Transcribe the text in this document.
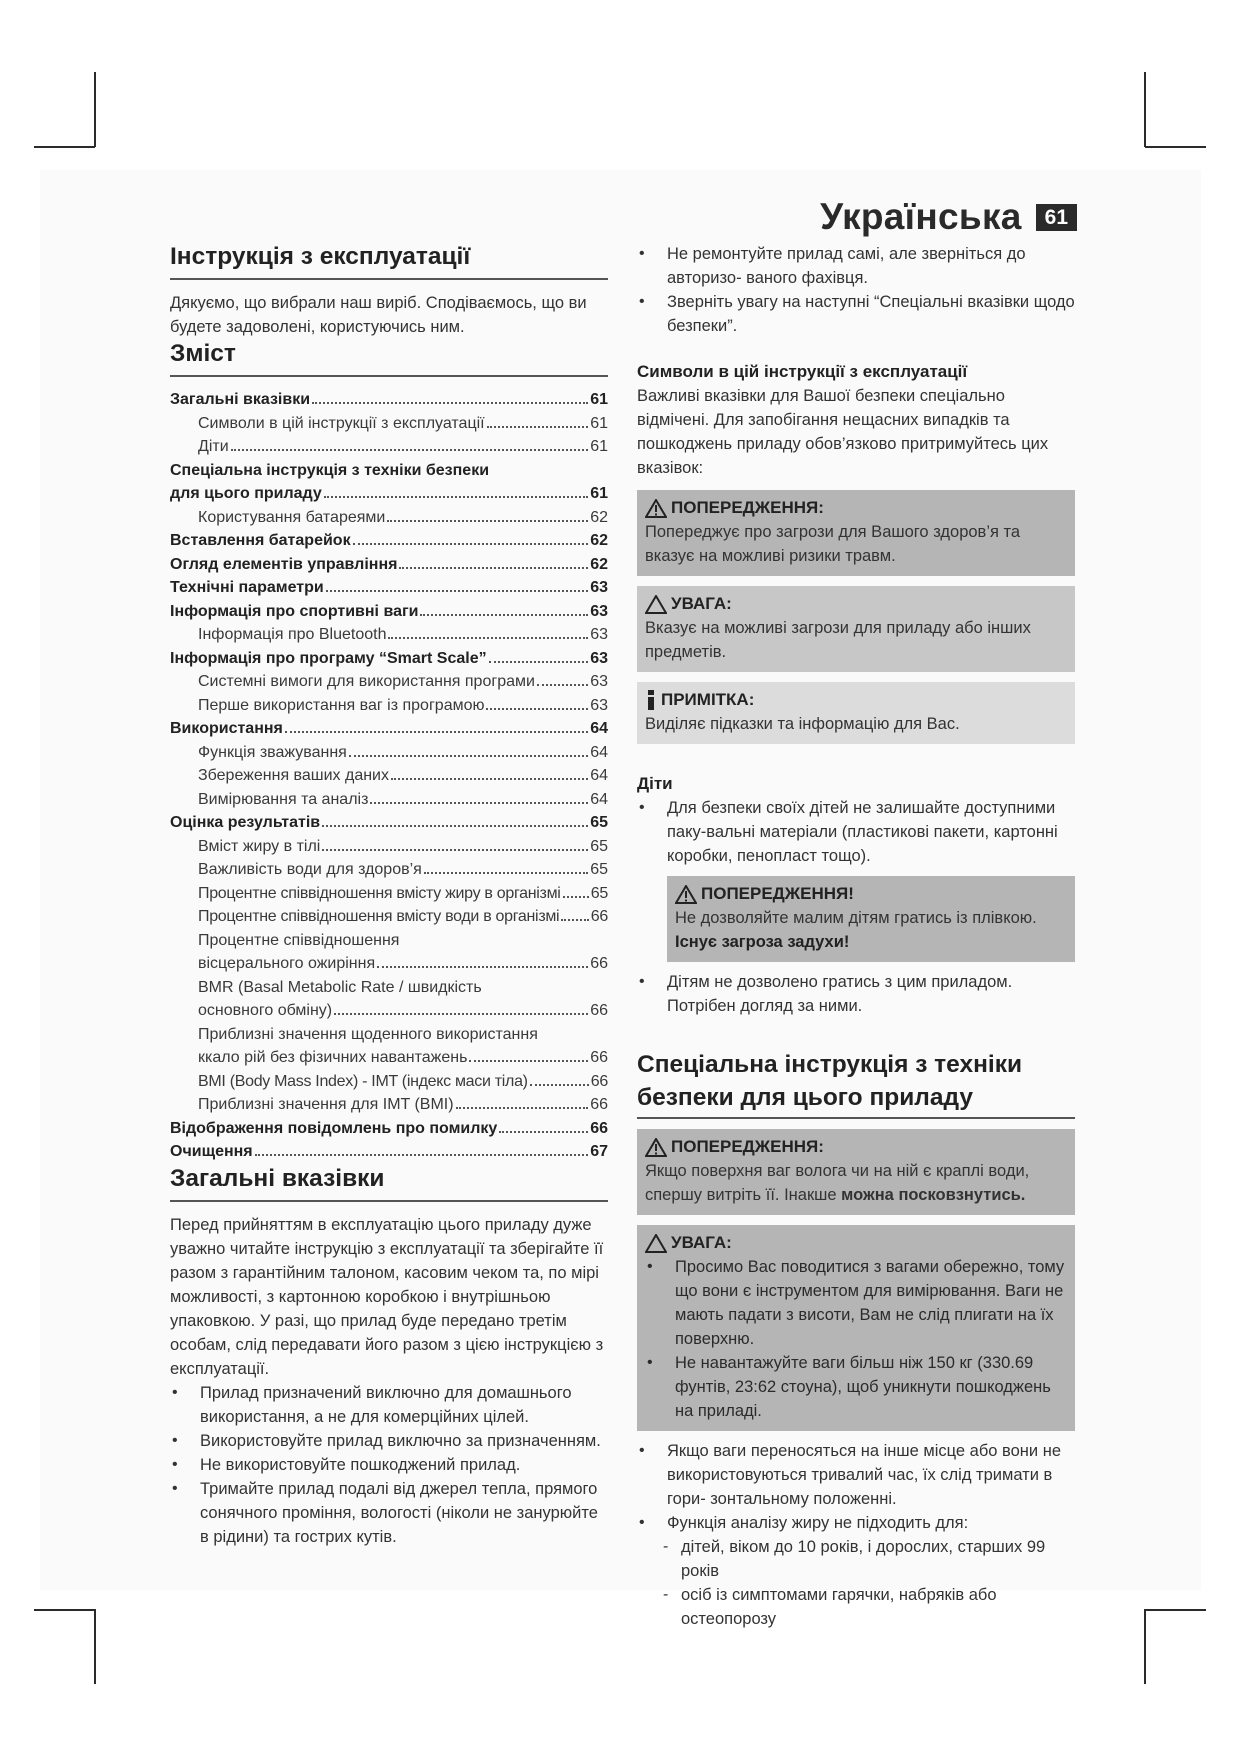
Українська	61
Інструкція з експлуатації

Дякуємо, що вибрали наш виріб. Сподіваємось, що ви будете задоволені, користуючись ним.

Зміст
Загальні вказівки	61
Символи в цій інструкції з експлуатації	61
Діти	61
Спеціальна інструкція з техніки безпеки
для цього приладу	61
Користування батареями	62
Вставлення батарейок	62
Огляд елементів управління	62
Технічні параметри	63
Інформація про спортивні ваги	63
Інформація про Bluetooth	63
Інформація про програму “Smart Scale”	63
Системні вимоги для використання програми	63
Перше використання ваг із програмою	63
Використання	64
Функція зважування	64
Збереження ваших даних	64
Вимірювання та аналіз	64
Оцінка результатів	65
Вміст жиру в тілі	65
Важливість води для здоров’я	65
Процентне співвідношення вмісту жиру в організмі 65
Процентне співвідношення вмісту води в організмі 66
Процентне співвідношення
вісцерального ожиріння	66
BMR (Basal Metabolic Rate / швидкість
основного обміну)	66
Приблизні значення щоденного використання
ккало рій без фізичних навантажень	66
BMI (Body Mass Index) - IMT (індекс маси тіла)	66
Приблизні значення для IMT (BMI)	66
Відображення повідомлень про помилку	66
Очищення	67
Загальні вказівки

Перед прийняттям в експлуатацію цього приладу дуже уважно читайте інструкцію з експлуатації та зберігайте її разом з гарантійним талоном, касовим чеком та, по мірі можливості, з картонною коробкою і внутрішньою упаковкою. У разі, що прилад буде передано третім особам, слід передавати його разом з цією інструкцією з експлуатації.

• Прилад призначений виключно для домашнього використання, а не для комерційних цілей.
• Використовуйте прилад виключно за призначенням.
• Не використовуйте пошкоджений прилад.
• Тримайте прилад подалі від джерел тепла, прямого сонячного проміння, вологості (ніколи не занурюйте в рідини) та гострих кутів.
• Не ремонтуйте прилад самі, але зверніться до авторизо- ваного фахівця.
• Зверніть увагу на наступні “Спеціальні вказівки щодо безпеки”.
Символи в цій інструкції з експлуатації

Важливі вказівки для Вашої безпеки спеціально відмічені. Для запобігання нещасних випадків та пошкоджень приладу обов’язково притримуйтесь цих вказівок:

ПОПЕРЕДЖЕННЯ:
Попереджує про загрози для Вашого здоров’я та вказує на можливі ризики травм.
УВАГА:
Вказує на можливі загрози для приладу або інших предметів.
ПРИМІТКА:
Виділяє підказки та інформацію для Вас.
Діти
• Для безпеки своїх дітей не залишайте доступними паку-вальні матеріали (пластикові пакети, картонні коробки, пенопласт тощо).
ПОПЕРЕДЖЕННЯ!
Не дозволяйте малим дітям гратись із плівкою.
Існує загроза задухи!
• Дітям не дозволено гратись з цим приладом. Потрібен догляд за ними.
Спеціальна інструкція з техніки безпеки для цього приладу
ПОПЕРЕДЖЕННЯ:
Якщо поверхня ваг волога чи на ній є краплі води, спершу витріть її. Інакше можна посковзнутись.
УВАГА:
• Просимо Вас поводитися з вагами обережно, тому що вони є інструментом для вимірювання. Ваги не мають падати з висоти, Вам не слід плигати на їх поверхню.
• Не навантажуйте ваги більш ніж 150 кг (330.69 фунтів, 23:62 стоуна), щоб уникнути пошкоджень на приладі.
• Якщо ваги переносяться на інше місце або вони не використовуються тривалий час, їх слід тримати в гори- зонтальному положенні.
• Функція аналізу жиру не підходить для:
- дітей, віком до 10 років, і дорослих, старших 99 років
- осіб із симптомами гарячки, набряків або остеопорозу
